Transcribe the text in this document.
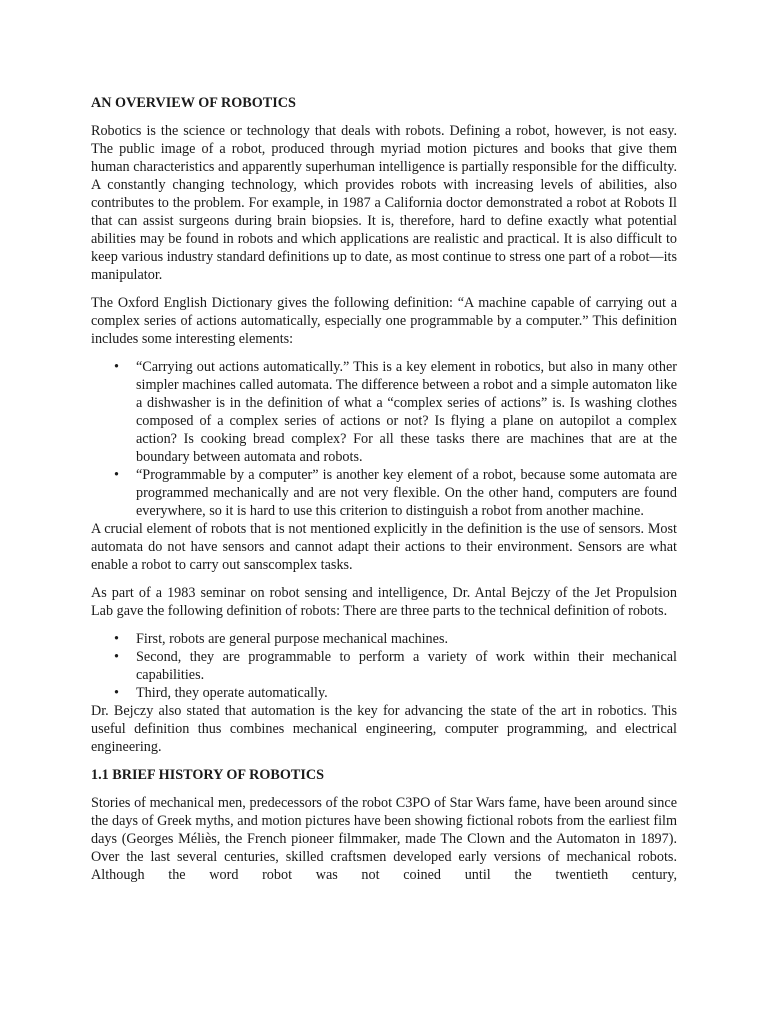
AN OVERVIEW OF ROBOTICS

Robotics is the science or technology that deals with robots. Defining a robot, however, is not easy. The public image of a robot, produced through myriad motion pictures and books that give them human characteristics and apparently superhuman intelligence is partially responsible for the difficulty. A constantly changing technology, which provides robots with increasing levels of abilities, also contributes to the problem. For example, in 1987 a California doctor demonstrated a robot at Robots Il that can assist surgeons during brain biopsies. It is, therefore, hard to define exactly what potential abilities may be found in robots and which applications are realistic and practical. It is also difficult to keep various industry standard definitions up to date, as most continue to stress one part of a robot—its manipulator.

The Oxford English Dictionary gives the following definition: “A machine capable of carrying out a complex series of actions automatically, especially one programmable by a computer.” This definition includes some interesting elements:

• “Carrying out actions automatically.” This is a key element in robotics, but also in many other simpler machines called automata. The difference between a robot and a simple automaton like a dishwasher is in the definition of what a “complex series of actions” is. Is washing clothes composed of a complex series of actions or not? Is flying a plane on autopilot a complex action? Is cooking bread complex? For all these tasks there are machines that are at the boundary between automata and robots.
• “Programmable by a computer” is another key element of a robot, because some automata are programmed mechanically and are not very flexible. On the other hand, computers are found everywhere, so it is hard to use this criterion to distinguish a robot from another machine.

A crucial element of robots that is not mentioned explicitly in the definition is the use of sensors. Most automata do not have sensors and cannot adapt their actions to their environment. Sensors are what enable a robot to carry out sanscomplex tasks.

As part of a 1983 seminar on robot sensing and intelligence, Dr. Antal Bejczy of the Jet Propulsion Lab gave the following definition of robots: There are three parts to the technical definition of robots.

• First, robots are general purpose mechanical machines.
• Second, they are programmable to perform a variety of work within their mechanical capabilities.
• Third, they operate automatically.

Dr. Bejczy also stated that automation is the key for advancing the state of the art in robotics. This useful definition thus combines mechanical engineering, computer programming, and electrical engineering.

1.1 BRIEF HISTORY OF ROBOTICS

Stories of mechanical men, predecessors of the robot C3PO of Star Wars fame, have been around since the days of Greek myths, and motion pictures have been showing fictional robots from the earliest film days (Georges Méliès, the French pioneer filmmaker, made The Clown and the Automaton in 1897). Over the last several centuries, skilled craftsmen developed early versions of mechanical robots. Although the word robot was not coined until the twentieth century,
